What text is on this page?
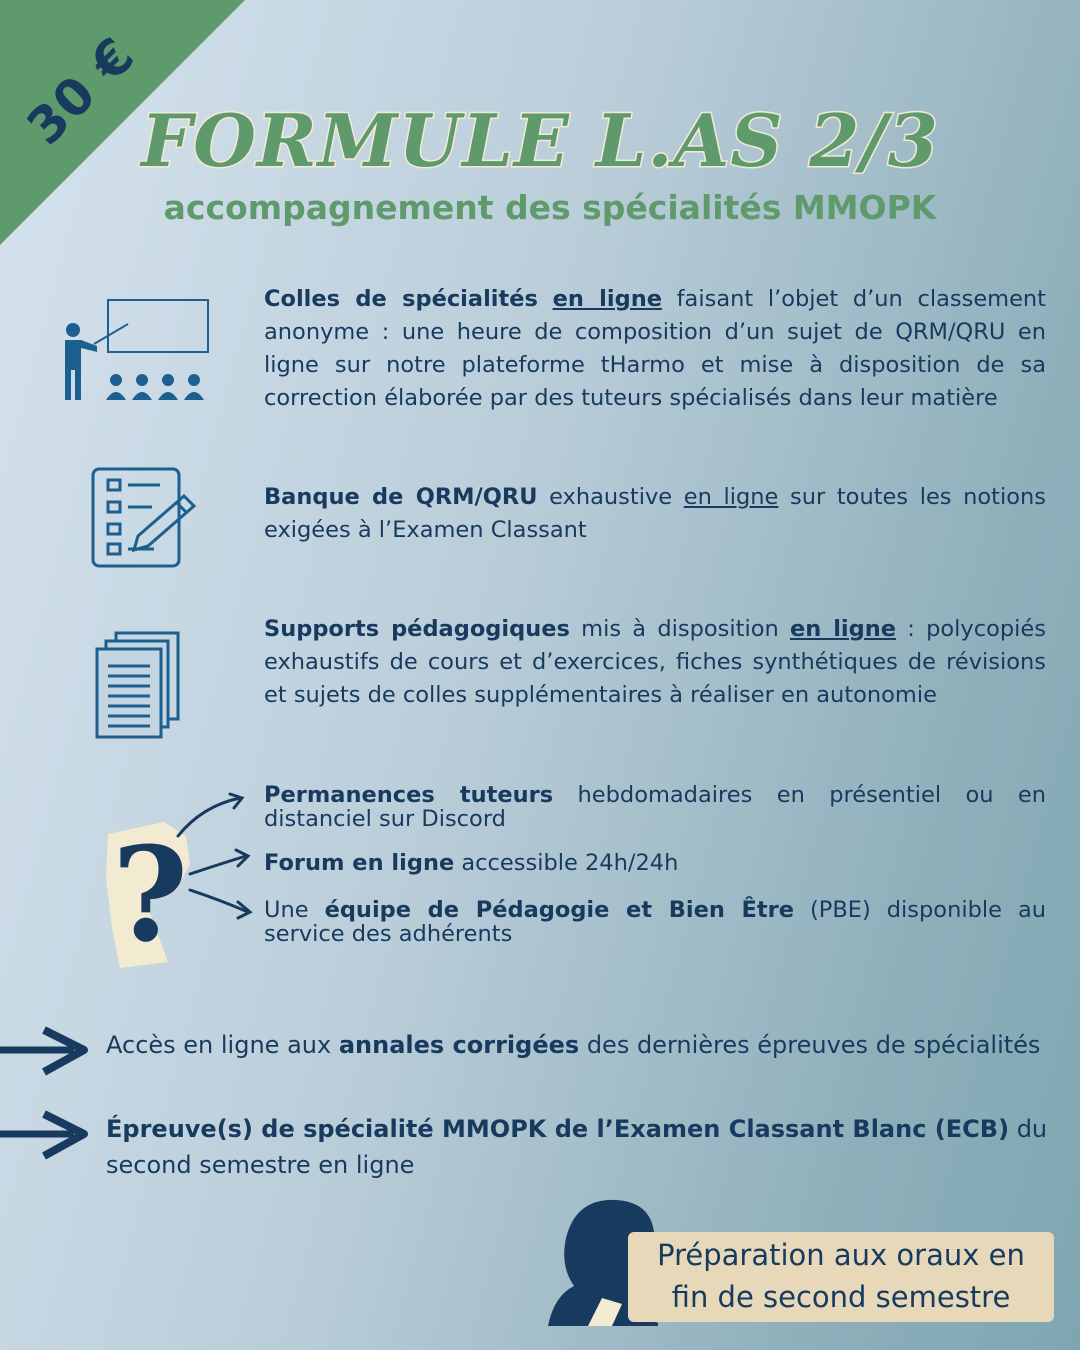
30 €
FORMULE L.AS 2/3
accompagnement des spécialités MMOPK
Colles de spécialités en ligne faisant l’objet d’un classement anonyme : une heure de composition d’un sujet de QRM/QRU en ligne sur notre plateforme tHarmo et mise à disposition de sa correction élaborée par des tuteurs spécialisés dans leur matière
Banque de QRM/QRU exhaustive en ligne sur toutes les notions exigées à l’Examen Classant
Supports pédagogiques mis à disposition en ligne : polycopiés exhaustifs de cours et d’exercices, fiches synthétiques de révisions et sujets de colles supplémentaires à réaliser en autonomie
?
Permanences tuteurs hebdomadaires en présentiel ou en distanciel sur Discord
Forum en ligne accessible 24h/24h
Une équipe de Pédagogie et Bien Être (PBE) disponible au service des adhérents
Accès en ligne aux annales corrigées des dernières épreuves de spécialités
Épreuve(s) de spécialité MMOPK de l’Examen Classant Blanc (ECB) du second semestre en ligne
Préparation aux oraux en
fin de second semestre
